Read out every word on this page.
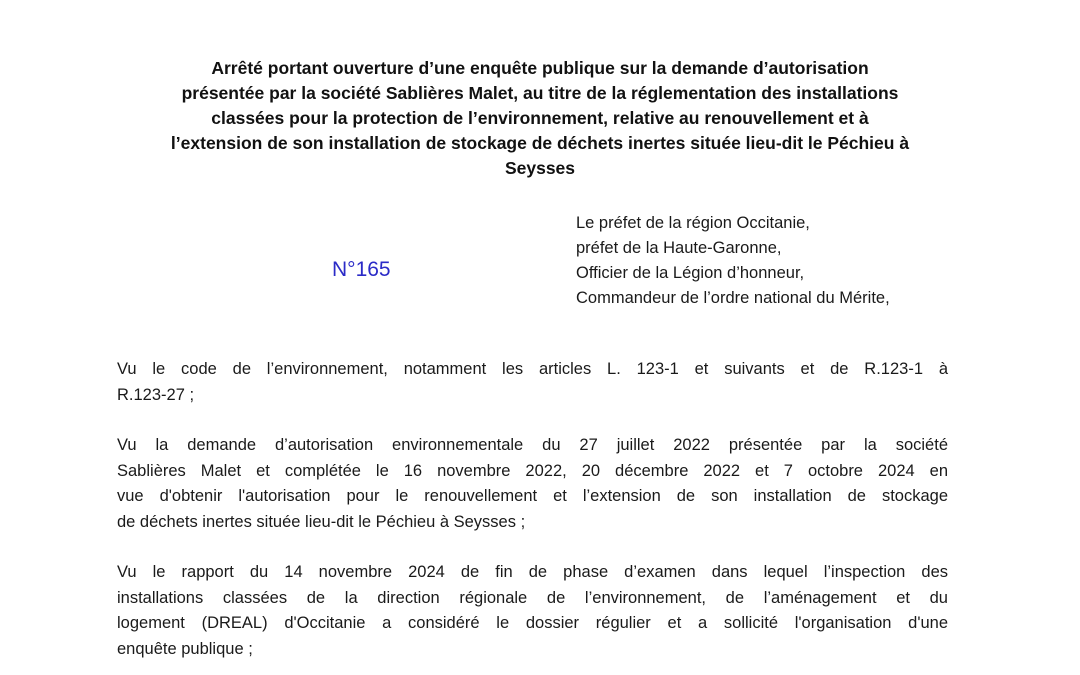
Arrêté portant ouverture d’une enquête publique sur la demande d’autorisation
présentée par la société Sablières Malet, au titre de la réglementation des installations
classées pour la protection de l’environnement, relative au renouvellement et à
l’extension de son installation de stockage de déchets inertes située lieu-dit le Péchieu à
Seysses
N°165
Le préfet de la région Occitanie,
préfet de la Haute-Garonne,
Officier de la Légion d’honneur,
Commandeur de l’ordre national du Mérite,
Vu le code de l’environnement, notamment les articles L. 123-1 et suivants et de R.123-1 à
R.123-27 ;
Vu la demande d’autorisation environnementale du 27 juillet 2022 présentée par la société
Sablières Malet et complétée le 16 novembre 2022, 20 décembre 2022 et 7 octobre 2024 en
vue d'obtenir l'autorisation pour le renouvellement et l’extension de son installation de stockage
de déchets inertes située lieu-dit le Péchieu à Seysses ;
Vu le rapport du 14 novembre 2024 de fin de phase d’examen dans lequel l’inspection des
installations classées de la direction régionale de l’environnement, de l’aménagement et du
logement (DREAL) d'Occitanie a considéré le dossier régulier et a sollicité l'organisation d'une
enquête publique ;
